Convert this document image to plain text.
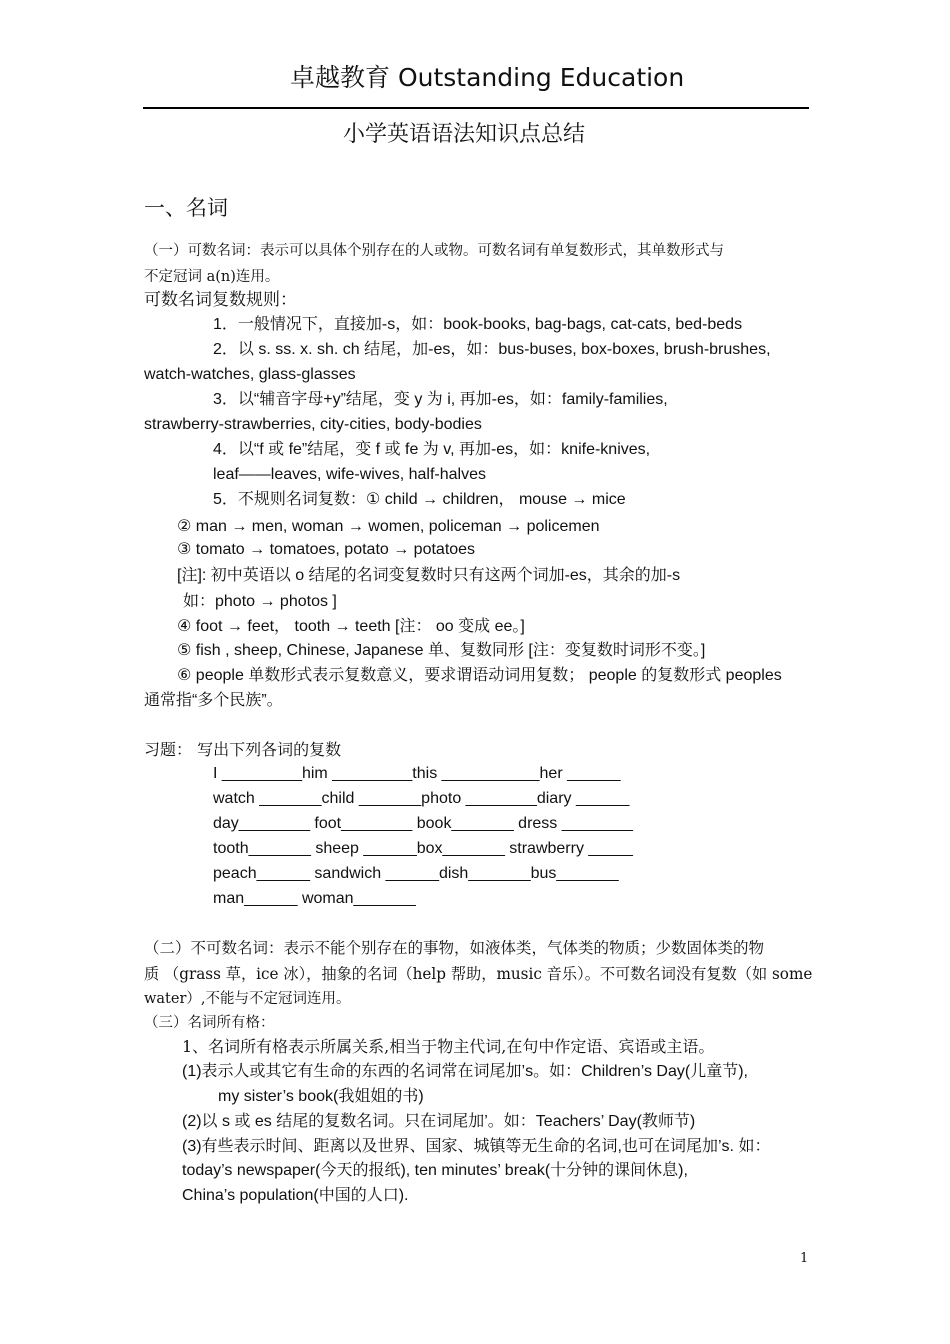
卓越教育 Outstanding Education
小学英语语法知识点总结
一、名词
（一）可数名词：表示可以具体个别存在的人或物。可数名词有单复数形式，其单数形式与
不定冠词 a(n)连用。
可数名词复数规则：
1．一般情况下，直接加-s，如：book-books, bag-bags, cat-cats, bed-beds
2．以 s. ss. x. sh. ch 结尾，加-es，如：bus-buses, box-boxes, brush-brushes,
watch-watches, glass-glasses
3．以“辅音字母+y”结尾，变 y 为 i, 再加-es，如：family-families,
strawberry-strawberries, city-cities, body-bodies
4．以“f 或 fe”结尾，变 f 或 fe 为 v, 再加-es，如：knife-knives,
leaf——leaves, wife-wives, half-halves
5．不规则名词复数：① child → children， mouse → mice
② man → men, woman → women, policeman → policemen
③ tomato → tomatoes, potato → potatoes
[注]: 初中英语以 o 结尾的名词变复数时只有这两个词加-es，其余的加-s
如：photo → photos ]
④ foot → feet， tooth → teeth [注： oo 变成 ee。]
⑤ fish , sheep, Chinese, Japanese 单、复数同形 [注：变复数时词形不变。]
⑥ people 单数形式表示复数意义，要求谓语动词用复数； people 的复数形式 peoples
通常指“多个民族”。
习题： 写出下列各词的复数
I _________him _________this ___________her ______
watch _______child _______photo ________diary ______
day________ foot________ book_______ dress ________
tooth_______ sheep ______box_______ strawberry _____
peach______ sandwich ______dish_______bus_______
man______ woman_______
（二）不可数名词：表示不能个别存在的事物，如液体类，气体类的物质；少数固体类的物
质 （grass 草，ice 冰），抽象的名词（help 帮助，music 音乐）。不可数名词没有复数（如 some
water）,不能与不定冠词连用。
（三）名词所有格：
1、名词所有格表示所属关系,相当于物主代词,在句中作定语、宾语或主语。
(1)表示人或其它有生命的东西的名词常在词尾加’s。如：Children’s Day(儿童节),
my sister’s book(我姐姐的书)
(2)以 s 或 es 结尾的复数名词。只在词尾加’。如：Teachers’ Day(教师节)
(3)有些表示时间、距离以及世界、国家、城镇等无生命的名词,也可在词尾加’s. 如：
today’s newspaper(今天的报纸), ten minutes’ break(十分钟的课间休息),
China’s population(中国的人口).
1
